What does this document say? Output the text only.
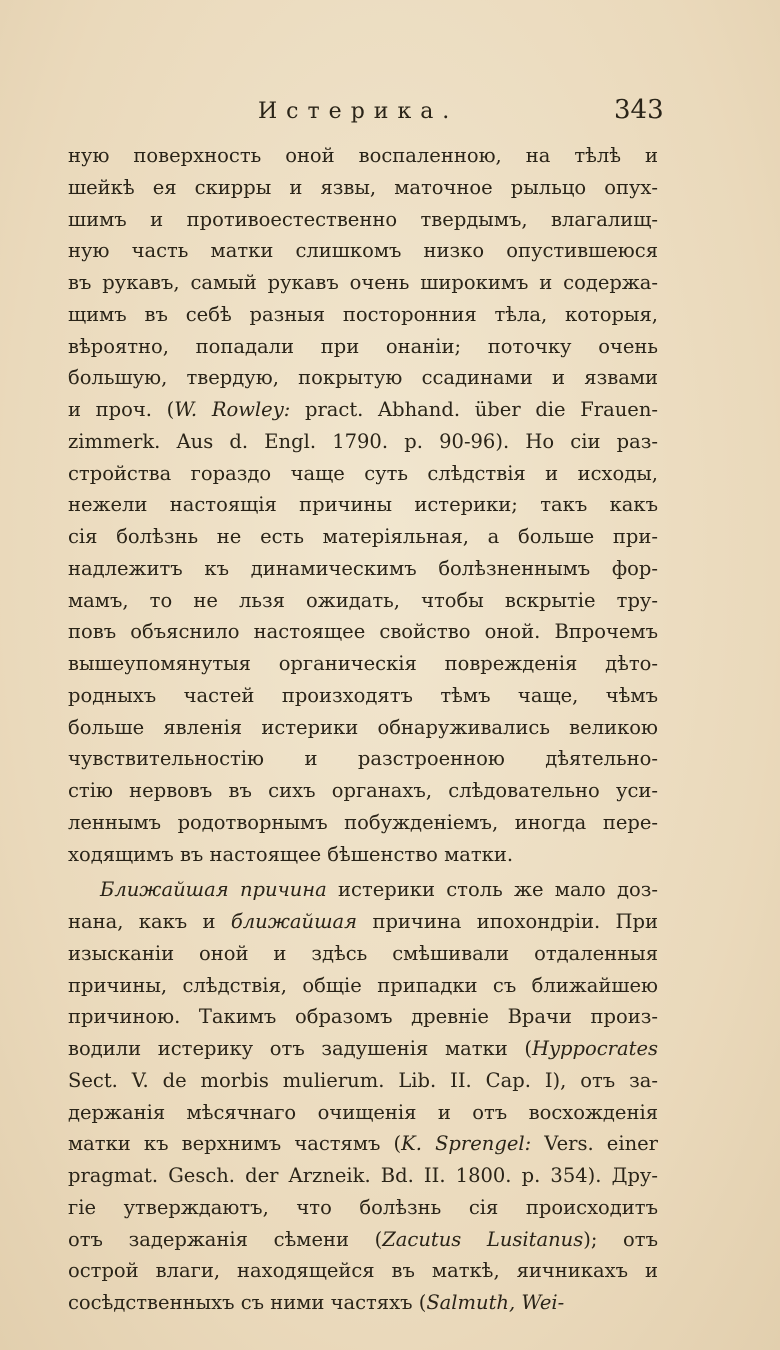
Истерика.	343
ную поверхность оной воспаленною, на тѣлѣ и
шейкѣ ея скирры и язвы, маточное рыльцо опух-
шимъ и противоестественно твердымъ, влагалищ-
ную часть матки слишкомъ низко опустившеюся
въ рукавъ, самый рукавъ очень широкимъ и содержа-
щимъ въ себѣ разныя посторонния тѣла, которыя,
вѣроятно, попадали при онаніи; поточку очень
большую, твердую, покрытую ссадинами и язвами
и проч. (W. Rowley: pract. Abhand. über die Frauen-
zimmerk. Aus d. Engl. 1790. p. 90-96). Но сіи раз-
стройства гораздо чаще суть слѣдствія и исходы,
нежели настоящія причины истерики; такъ какъ
сія болѣзнь не есть матеріяльная, а больше при-
надлежитъ къ динамическимъ болѣзненнымъ фор-
мамъ, то не льзя ожидать, чтобы вскрытіе тру-
повъ объяснило настоящее свойство оной. Впрочемъ
вышеупомянутыя органическія поврежденія дѣто-
родныхъ частей произходятъ тѣмъ чаще, чѣмъ
больше явленія истерики обнаруживались великою
чувствительностію и разстроенною дѣятельно-
стію нервовъ въ сихъ органахъ, слѣдовательно уси-
леннымъ родотворнымъ побужденіемъ, иногда пере-
ходящимъ въ настоящее бѣшенство матки.
Ближайшая причина истерики столь же мало доз-
нана, какъ и ближайшая причина ипохондріи. При
изысканіи оной и здѣсь смѣшивали отдаленныя
причины, слѣдствія, общіе припадки съ ближайшею
причиною. Такимъ образомъ древніе Врачи произ-
водили истерику отъ задушенія матки (Hyppocrates
Sect. V. de morbis mulierum. Lib. II. Cap. I), отъ за-
держанія мѣсячнаго очищенія и отъ восхожденія
матки къ верхнимъ частямъ (K. Sprengel: Vers. einer
pragmat. Gesch. der Arzneik. Bd. II. 1800. p. 354). Дру-
гіе утверждаютъ, что болѣзнь сія происходитъ
отъ задержанія сѣмени (Zacutus Lusitanus); отъ
острой влаги, находящейся въ маткѣ, яичникахъ и
сосѣдственныхъ съ ними частяхъ (Salmuth, Wei-
